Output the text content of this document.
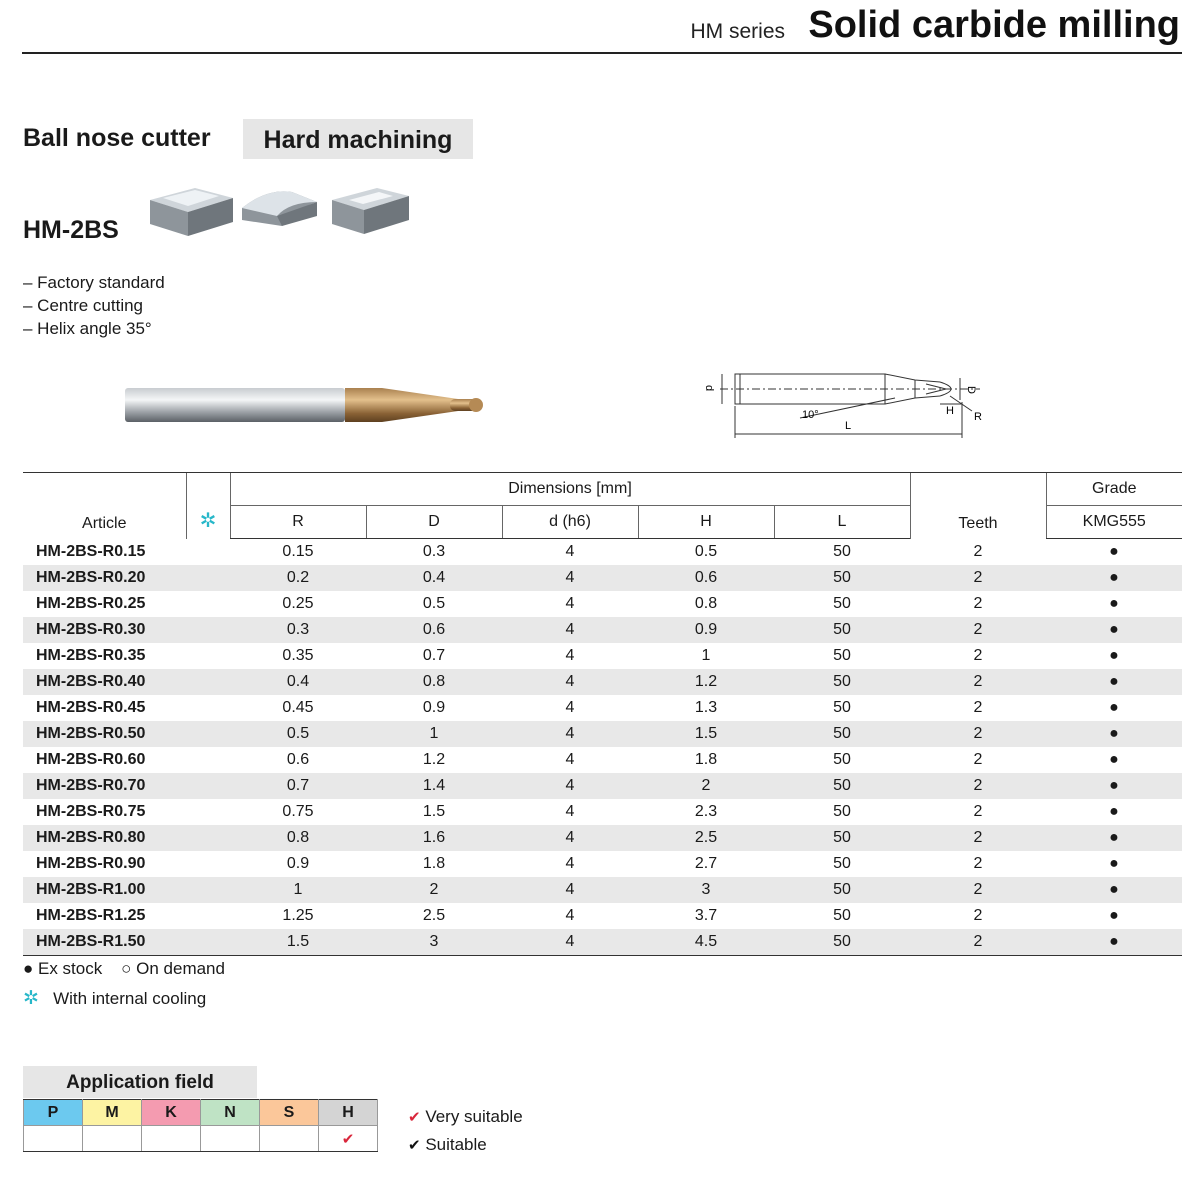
HM series Solid carbide milling
Ball nose cutter	Hard machining
HM-2BS
– Factory standard
– Centre cutting
– Helix angle 35°
d	D
H R
L
10°
Article	✲	Dimensions [mm]					Teeth	Grade
		R	D	d (h6)	H	L		KMG555
HM-2BS-R0.15		0.15	0.3	4	0.5	50	2	●
HM-2BS-R0.20		0.2	0.4	4	0.6	50	2	●
HM-2BS-R0.25		0.25	0.5	4	0.8	50	2	●
HM-2BS-R0.30		0.3	0.6	4	0.9	50	2	●
HM-2BS-R0.35		0.35	0.7	4	1	50	2	●
HM-2BS-R0.40		0.4	0.8	4	1.2	50	2	●
HM-2BS-R0.45		0.45	0.9	4	1.3	50	2	●
HM-2BS-R0.50		0.5	1	4	1.5	50	2	●
HM-2BS-R0.60		0.6	1.2	4	1.8	50	2	●
HM-2BS-R0.70		0.7	1.4	4	2	50	2	●
HM-2BS-R0.75		0.75	1.5	4	2.3	50	2	●
HM-2BS-R0.80		0.8	1.6	4	2.5	50	2	●
HM-2BS-R0.90		0.9	1.8	4	2.7	50	2	●
HM-2BS-R1.00		1	2	4	3	50	2	●
HM-2BS-R1.25		1.25	2.5	4	3.7	50	2	●
HM-2BS-R1.50		1.5	3	4	4.5	50	2	●
● Ex stock ○ On demand
✲ With internal cooling
Application field
P	M	K	N	S	H
					✔
✔ Very suitable
✔ Suitable
